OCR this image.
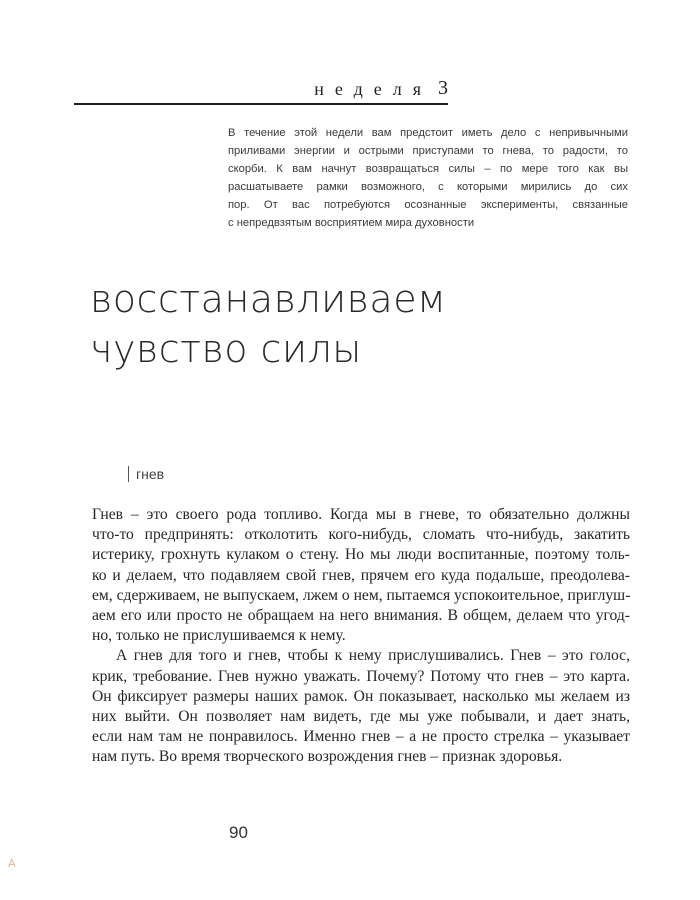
неделя 3
В течение этой недели вам предстоит иметь дело с непривычными
приливами энергии и острыми приступами то гнева, то радости, то
скорби. К вам начнут возвращаться силы – по мере того как вы
расшатываете рамки возможного, с которыми мирились до сих
пор. От вас потребуются осознанные эксперименты, связанные
с непредвзятым восприятием мира духовности
восстанавливаем
чувство силы
гнев
Гнев – это своего рода топливо. Когда мы в гневе, то обязательно должны
что-то предпринять: отколотить кого-нибудь, сломать что-нибудь, закатить
истерику, грохнуть кулаком о стену. Но мы люди воспитанные, поэтому толь-
ко и делаем, что подавляем свой гнев, прячем его куда подальше, преодолева-
ем, сдерживаем, не выпускаем, лжем о нем, пытаемся успокоительное, приглуш-
аем его или просто не обращаем на него внимания. В общем, делаем что угод-
но, только не прислушиваемся к нему.
А гнев для того и гнев, чтобы к нему прислушивались. Гнев – это голос,
крик, требование. Гнев нужно уважать. Почему? Потому что гнев – это карта.
Он фиксирует размеры наших рамок. Он показывает, насколько мы желаем из
них выйти. Он позволяет нам видеть, где мы уже побывали, и дает знать,
если нам там не понравилось. Именно гнев – а не просто стрелка – указывает
нам путь. Во время творческого возрождения гнев – признак здоровья.
90
A
